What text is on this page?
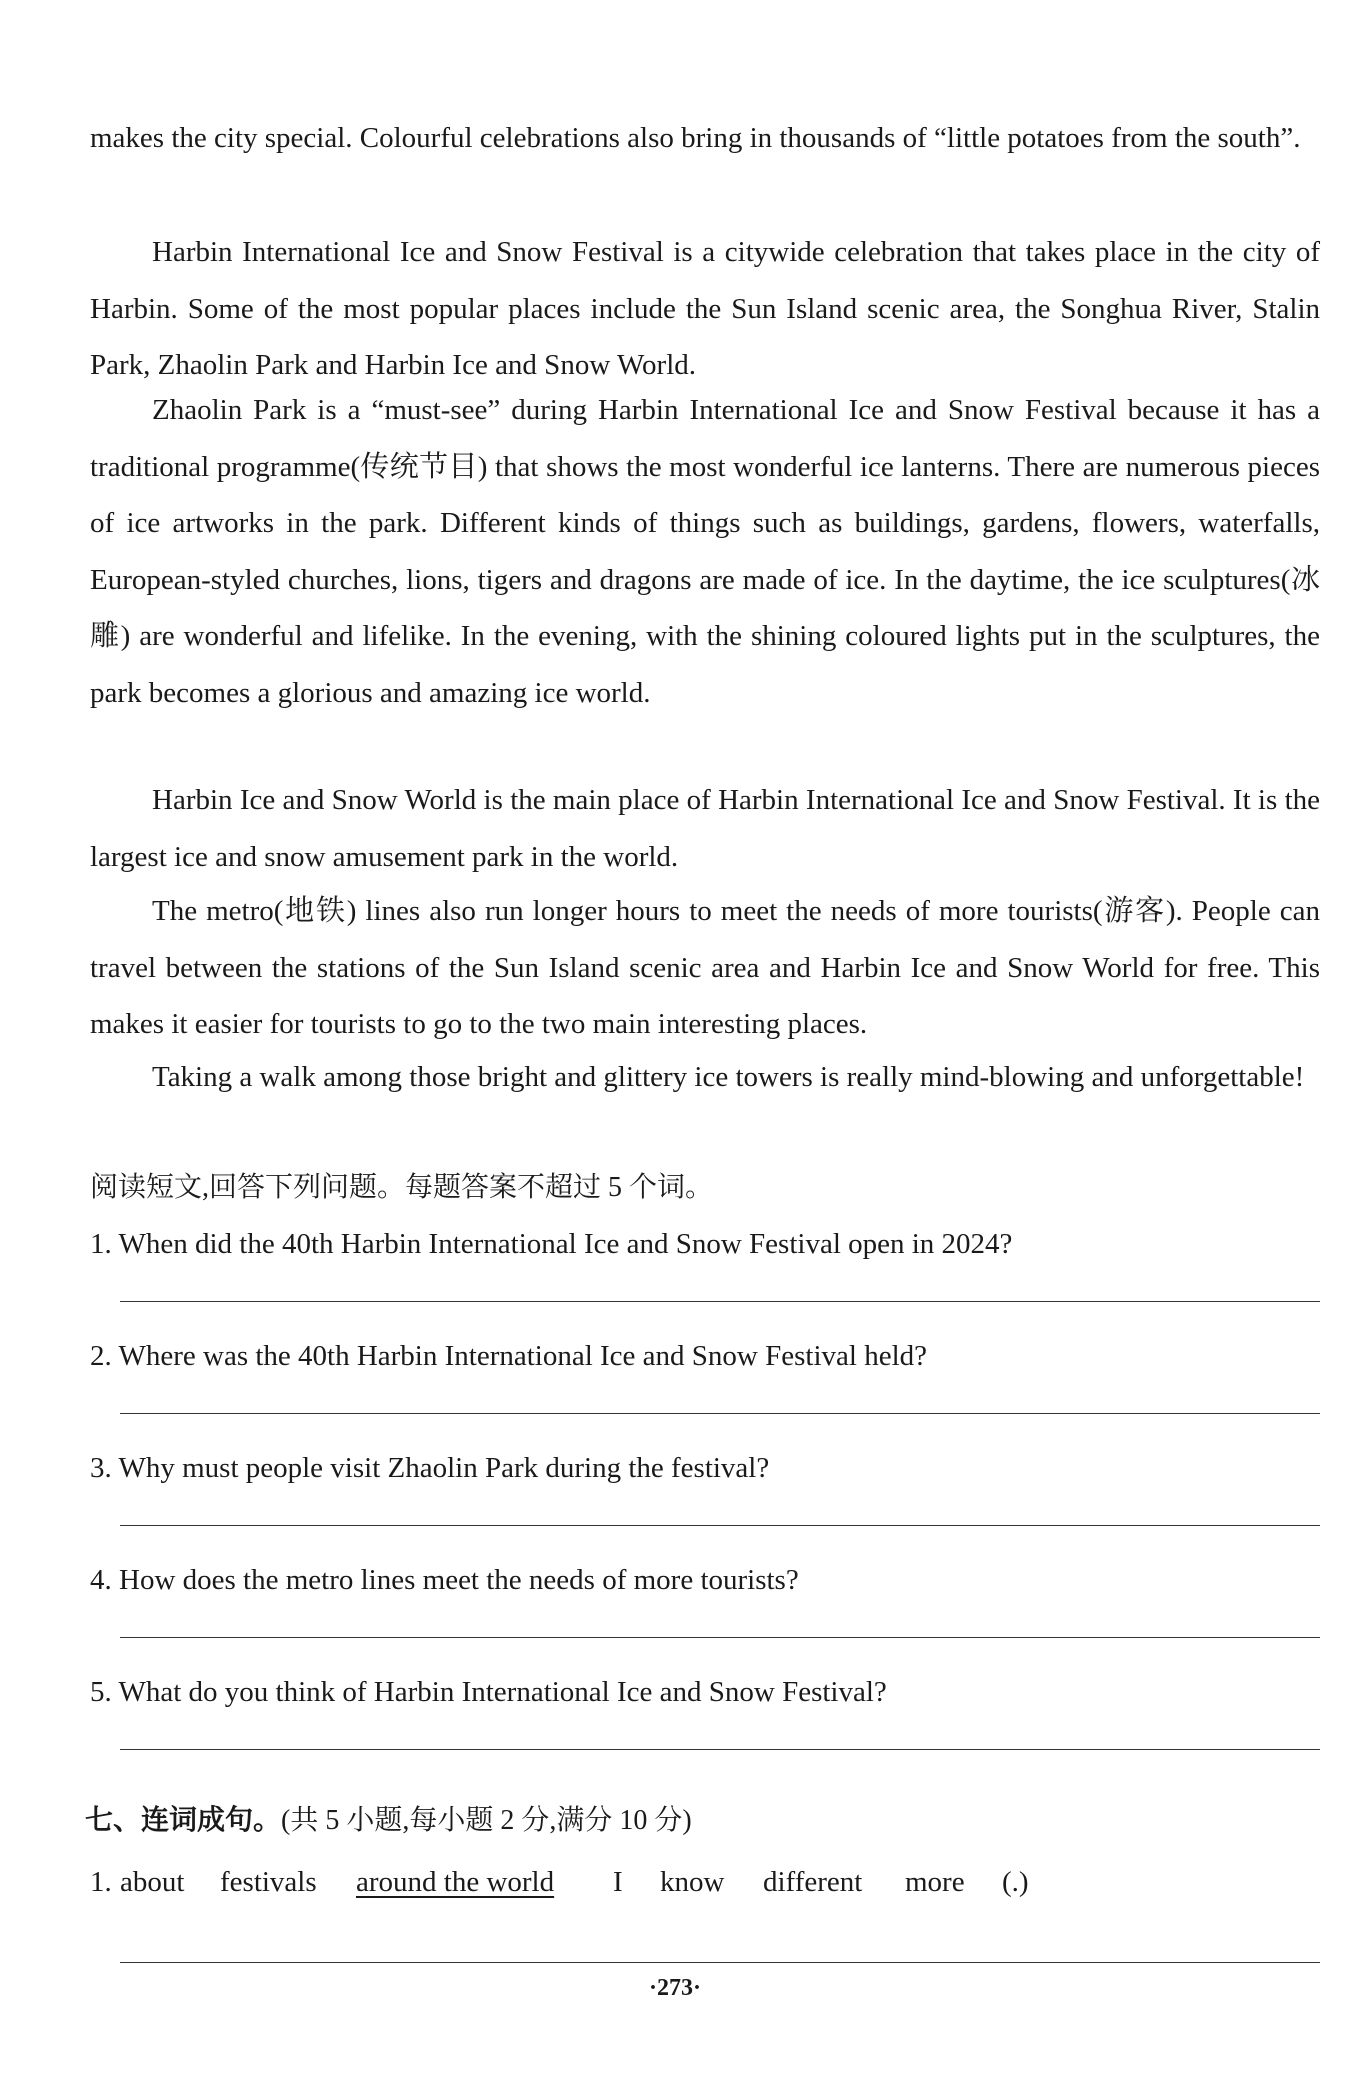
makes the city special. Colourful celebrations also bring in thousands of “little potatoes from the south”.

Harbin International Ice and Snow Festival is a citywide celebration that takes place in the city of Harbin. Some of the most popular places include the Sun Island scenic area, the Songhua River, Stalin Park, Zhaolin Park and Harbin Ice and Snow World.

Zhaolin Park is a “must-see” during Harbin International Ice and Snow Festival because it has a traditional programme(传统节目) that shows the most wonderful ice lanterns. There are numerous pieces of ice artworks in the park. Different kinds of things such as buildings, gardens, flowers, waterfalls, European-styled churches, lions, tigers and dragons are made of ice. In the daytime, the ice sculptures(冰雕) are wonderful and lifelike. In the evening, with the shining coloured lights put in the sculptures, the park becomes a glorious and amazing ice world.

Harbin Ice and Snow World is the main place of Harbin International Ice and Snow Festival. It is the largest ice and snow amusement park in the world.

The metro(地铁) lines also run longer hours to meet the needs of more tourists(游客). People can travel between the stations of the Sun Island scenic area and Harbin Ice and Snow World for free. This makes it easier for tourists to go to the two main interesting places.

Taking a walk among those bright and glittery ice towers is really mind-blowing and unforgettable!

阅读短文,回答下列问题。每题答案不超过 5 个词。

1. When did the 40th Harbin International Ice and Snow Festival open in 2024?

2. Where was the 40th Harbin International Ice and Snow Festival held?

3. Why must people visit Zhaolin Park during the festival?

4. How does the metro lines meet the needs of more tourists?

5. What do you think of Harbin International Ice and Snow Festival?

七、连词成句。(共 5 小题,每小题 2 分,满分 10 分)

1. about festivals around the world I know different more (.)
·273·
